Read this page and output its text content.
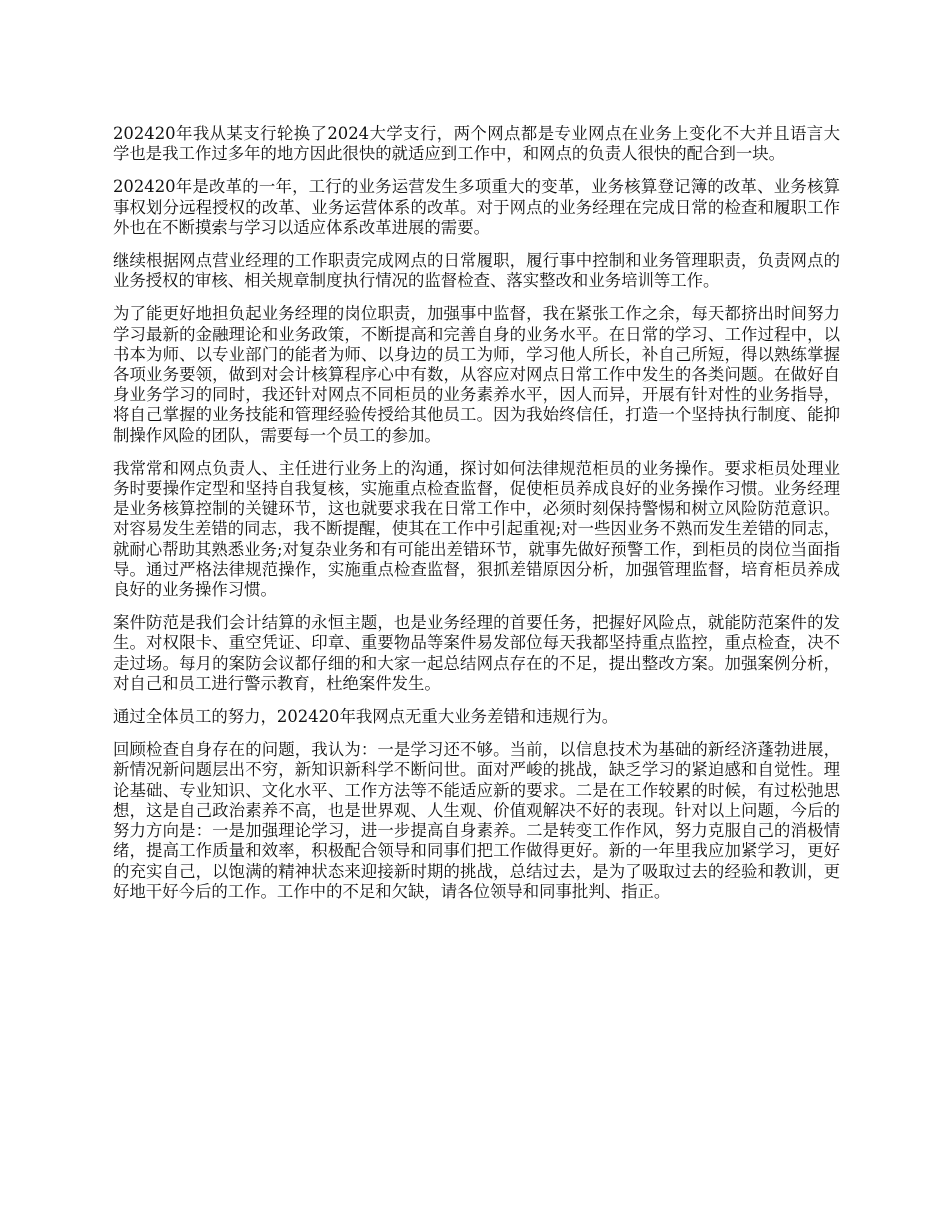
202420年我从某支行轮换了2024大学支行，两个网点都是专业网点在业务上变化不大并且语言大学也是我工作过多年的地方因此很快的就适应到工作中，和网点的负责人很快的配合到一块。

202420年是改革的一年，工行的业务运营发生多项重大的变革，业务核算登记簿的改革、业务核算事权划分远程授权的改革、业务运营体系的改革。对于网点的业务经理在完成日常的检查和履职工作外也在不断摸索与学习以适应体系改革进展的需要。

继续根据网点营业经理的工作职责完成网点的日常履职，履行事中控制和业务管理职责，负责网点的业务授权的审核、相关规章制度执行情况的监督检查、落实整改和业务培训等工作。

为了能更好地担负起业务经理的岗位职责，加强事中监督，我在紧张工作之余，每天都挤出时间努力学习最新的金融理论和业务政策，不断提高和完善自身的业务水平。在日常的学习、工作过程中，以书本为师、以专业部门的能者为师、以身边的员工为师，学习他人所长，补自己所短，得以熟练掌握各项业务要领，做到对会计核算程序心中有数，从容应对网点日常工作中发生的各类问题。在做好自身业务学习的同时，我还针对网点不同柜员的业务素养水平，因人而异，开展有针对性的业务指导，将自己掌握的业务技能和管理经验传授给其他员工。因为我始终信任，打造一个坚持执行制度、能抑制操作风险的团队，需要每一个员工的参加。

我常常和网点负责人、主任进行业务上的沟通，探讨如何法律规范柜员的业务操作。要求柜员处理业务时要操作定型和坚持自我复核，实施重点检查监督，促使柜员养成良好的业务操作习惯。业务经理是业务核算控制的关键环节，这也就要求我在日常工作中，必须时刻保持警惕和树立风险防范意识。对容易发生差错的同志，我不断提醒，使其在工作中引起重视;对一些因业务不熟而发生差错的同志，就耐心帮助其熟悉业务;对复杂业务和有可能出差错环节，就事先做好预警工作，到柜员的岗位当面指导。通过严格法律规范操作，实施重点检查监督，狠抓差错原因分析，加强管理监督，培育柜员养成良好的业务操作习惯。

案件防范是我们会计结算的永恒主题，也是业务经理的首要任务，把握好风险点，就能防范案件的发生。对权限卡、重空凭证、印章、重要物品等案件易发部位每天我都坚持重点监控，重点检查，决不走过场。每月的案防会议都仔细的和大家一起总结网点存在的不足，提出整改方案。加强案例分析，对自己和员工进行警示教育，杜绝案件发生。

通过全体员工的努力，202420年我网点无重大业务差错和违规行为。

回顾检查自身存在的问题，我认为：一是学习还不够。当前，以信息技术为基础的新经济蓬勃进展，新情况新问题层出不穷，新知识新科学不断问世。面对严峻的挑战，缺乏学习的紧迫感和自觉性。理论基础、专业知识、文化水平、工作方法等不能适应新的要求。二是在工作较累的时候，有过松弛思想，这是自己政治素养不高，也是世界观、人生观、价值观解决不好的表现。针对以上问题，今后的努力方向是：一是加强理论学习，进一步提高自身素养。二是转变工作作风，努力克服自己的消极情绪，提高工作质量和效率，积极配合领导和同事们把工作做得更好。新的一年里我应加紧学习，更好的充实自己，以饱满的精神状态来迎接新时期的挑战，总结过去，是为了吸取过去的经验和教训，更好地干好今后的工作。工作中的不足和欠缺，请各位领导和同事批判、指正。
